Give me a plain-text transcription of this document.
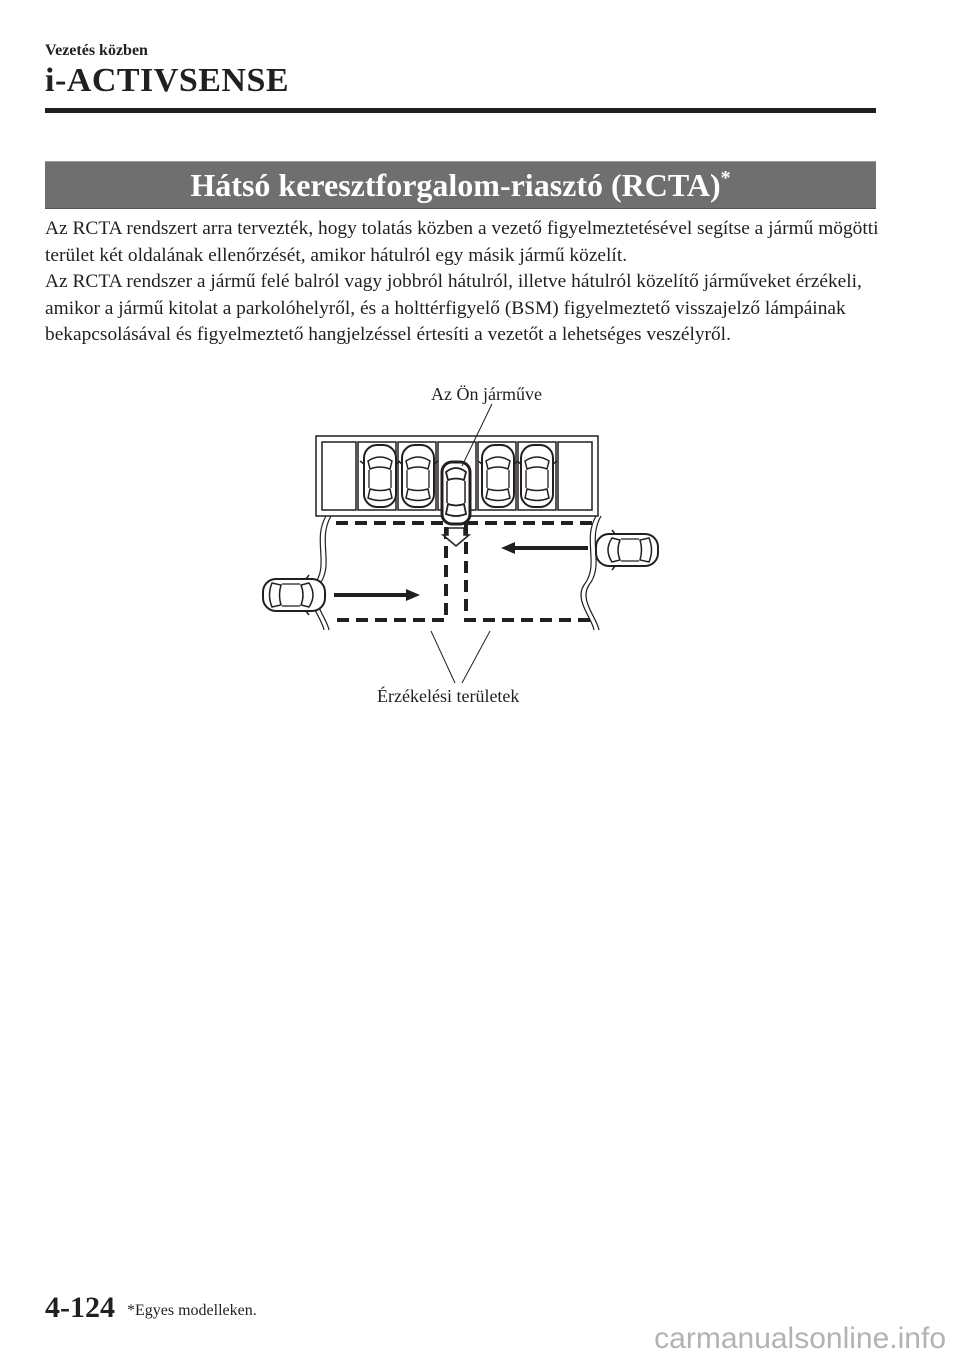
Vezetés közben
i-ACTIVSENSE
Hátsó keresztforgalom-riasztó (RCTA)*

Az RCTA rendszert arra tervezték, hogy tolatás közben a vezető figyelmeztetésével segítse a jármű mögötti terület két oldalának ellenőrzését, amikor hátulról egy másik jármű közelít.

Az RCTA rendszer a jármű felé balról vagy jobbról hátulról, illetve hátulról közelítő járműveket érzékeli, amikor a jármű kitolat a parkolóhelyről, és a holttérfigyelő (BSM) figyelmeztető visszajelző lámpáinak bekapcsolásával és figyelmeztető hangjelzéssel értesíti a vezetőt a lehetséges veszélyről.

Az Ön járműve
Érzékelési területek
4-124 *Egyes modelleken.
carmanualsonline.info
